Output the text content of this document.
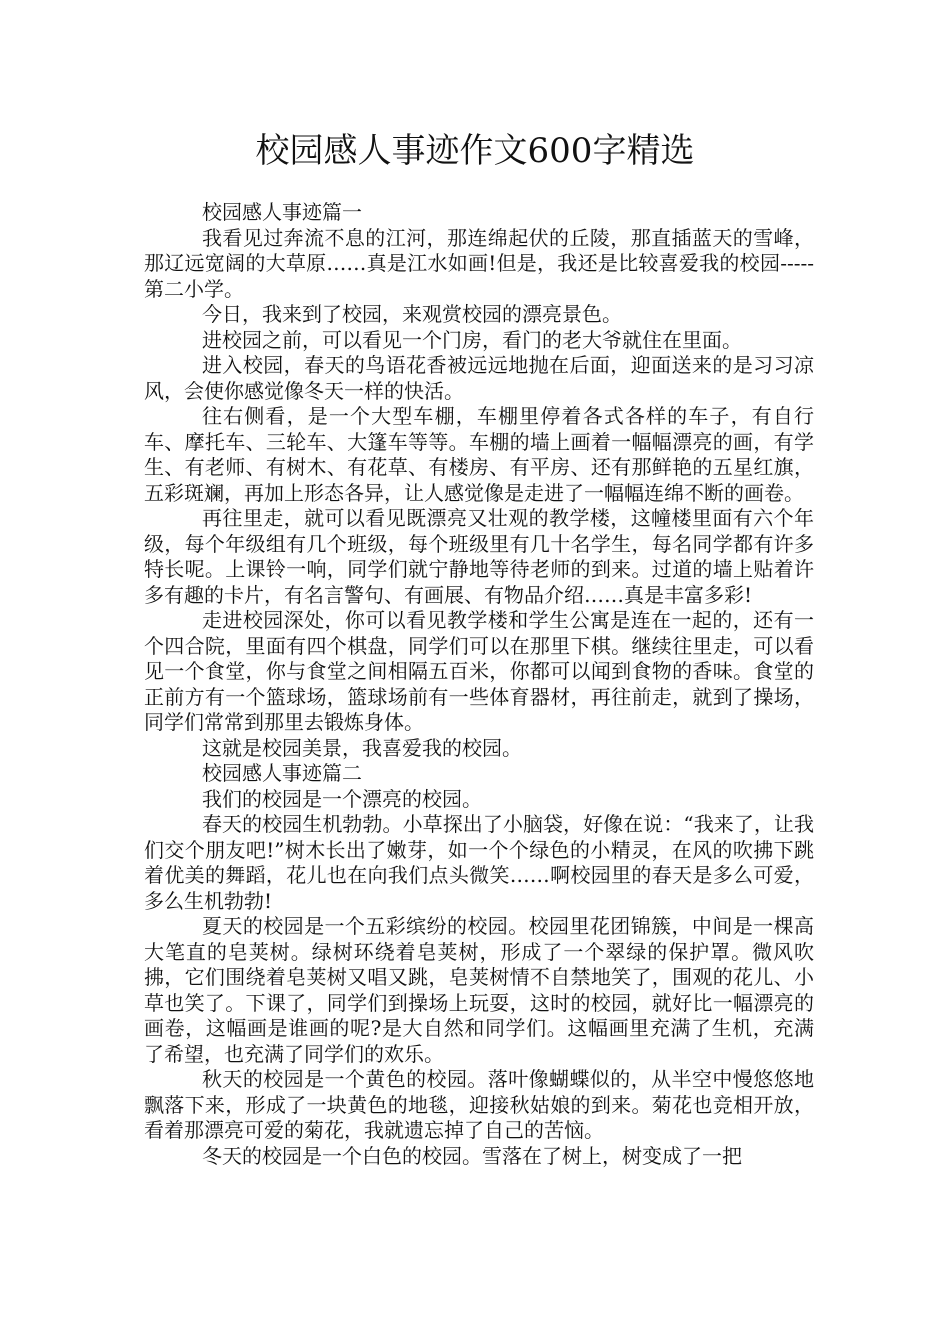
校园感人事迹作文600字精选

校园感人事迹篇一

我看见过奔流不息的江河，那连绵起伏的丘陵，那直插蓝天的雪峰，那辽远宽阔的大草原……真是江水如画!但是，我还是比较喜爱我的校园-----第二小学。

今日，我来到了校园，来观赏校园的漂亮景色。

进校园之前，可以看见一个门房，看门的老大爷就住在里面。

进入校园，春天的鸟语花香被远远地抛在后面，迎面送来的是习习凉风，会使你感觉像冬天一样的快活。

往右侧看，是一个大型车棚，车棚里停着各式各样的车子，有自行车、摩托车、三轮车、大篷车等等。车棚的墙上画着一幅幅漂亮的画，有学生、有老师、有树木、有花草、有楼房、有平房、还有那鲜艳的五星红旗，五彩斑斓，再加上形态各异，让人感觉像是走进了一幅幅连绵不断的画卷。

再往里走，就可以看见既漂亮又壮观的教学楼，这幢楼里面有六个年级，每个年级组有几个班级，每个班级里有几十名学生，每名同学都有许多特长呢。上课铃一响，同学们就宁静地等待老师的到来。过道的墙上贴着许多有趣的卡片，有名言警句、有画展、有物品介绍……真是丰富多彩!

走进校园深处，你可以看见教学楼和学生公寓是连在一起的，还有一个四合院，里面有四个棋盘，同学们可以在那里下棋。继续往里走，可以看见一个食堂，你与食堂之间相隔五百米，你都可以闻到食物的香味。食堂的正前方有一个篮球场，篮球场前有一些体育器材，再往前走，就到了操场，同学们常常到那里去锻炼身体。

这就是校园美景，我喜爱我的校园。

校园感人事迹篇二

我们的校园是一个漂亮的校园。

春天的校园生机勃勃。小草探出了小脑袋，好像在说：“我来了，让我们交个朋友吧!”树木长出了嫩芽，如一个个绿色的小精灵，在风的吹拂下跳着优美的舞蹈，花儿也在向我们点头微笑……啊校园里的春天是多么可爱，多么生机勃勃!

夏天的校园是一个五彩缤纷的校园。校园里花团锦簇，中间是一棵高大笔直的皂荚树。绿树环绕着皂荚树，形成了一个翠绿的保护罩。微风吹拂，它们围绕着皂荚树又唱又跳，皂荚树情不自禁地笑了，围观的花儿、小草也笑了。下课了，同学们到操场上玩耍，这时的校园，就好比一幅漂亮的画卷，这幅画是谁画的呢?是大自然和同学们。这幅画里充满了生机，充满了希望，也充满了同学们的欢乐。

秋天的校园是一个黄色的校园。落叶像蝴蝶似的，从半空中慢悠悠地飘落下来，形成了一块黄色的地毯，迎接秋姑娘的到来。菊花也竞相开放，看着那漂亮可爱的菊花，我就遗忘掉了自己的苦恼。

冬天的校园是一个白色的校园。雪落在了树上，树变成了一把
